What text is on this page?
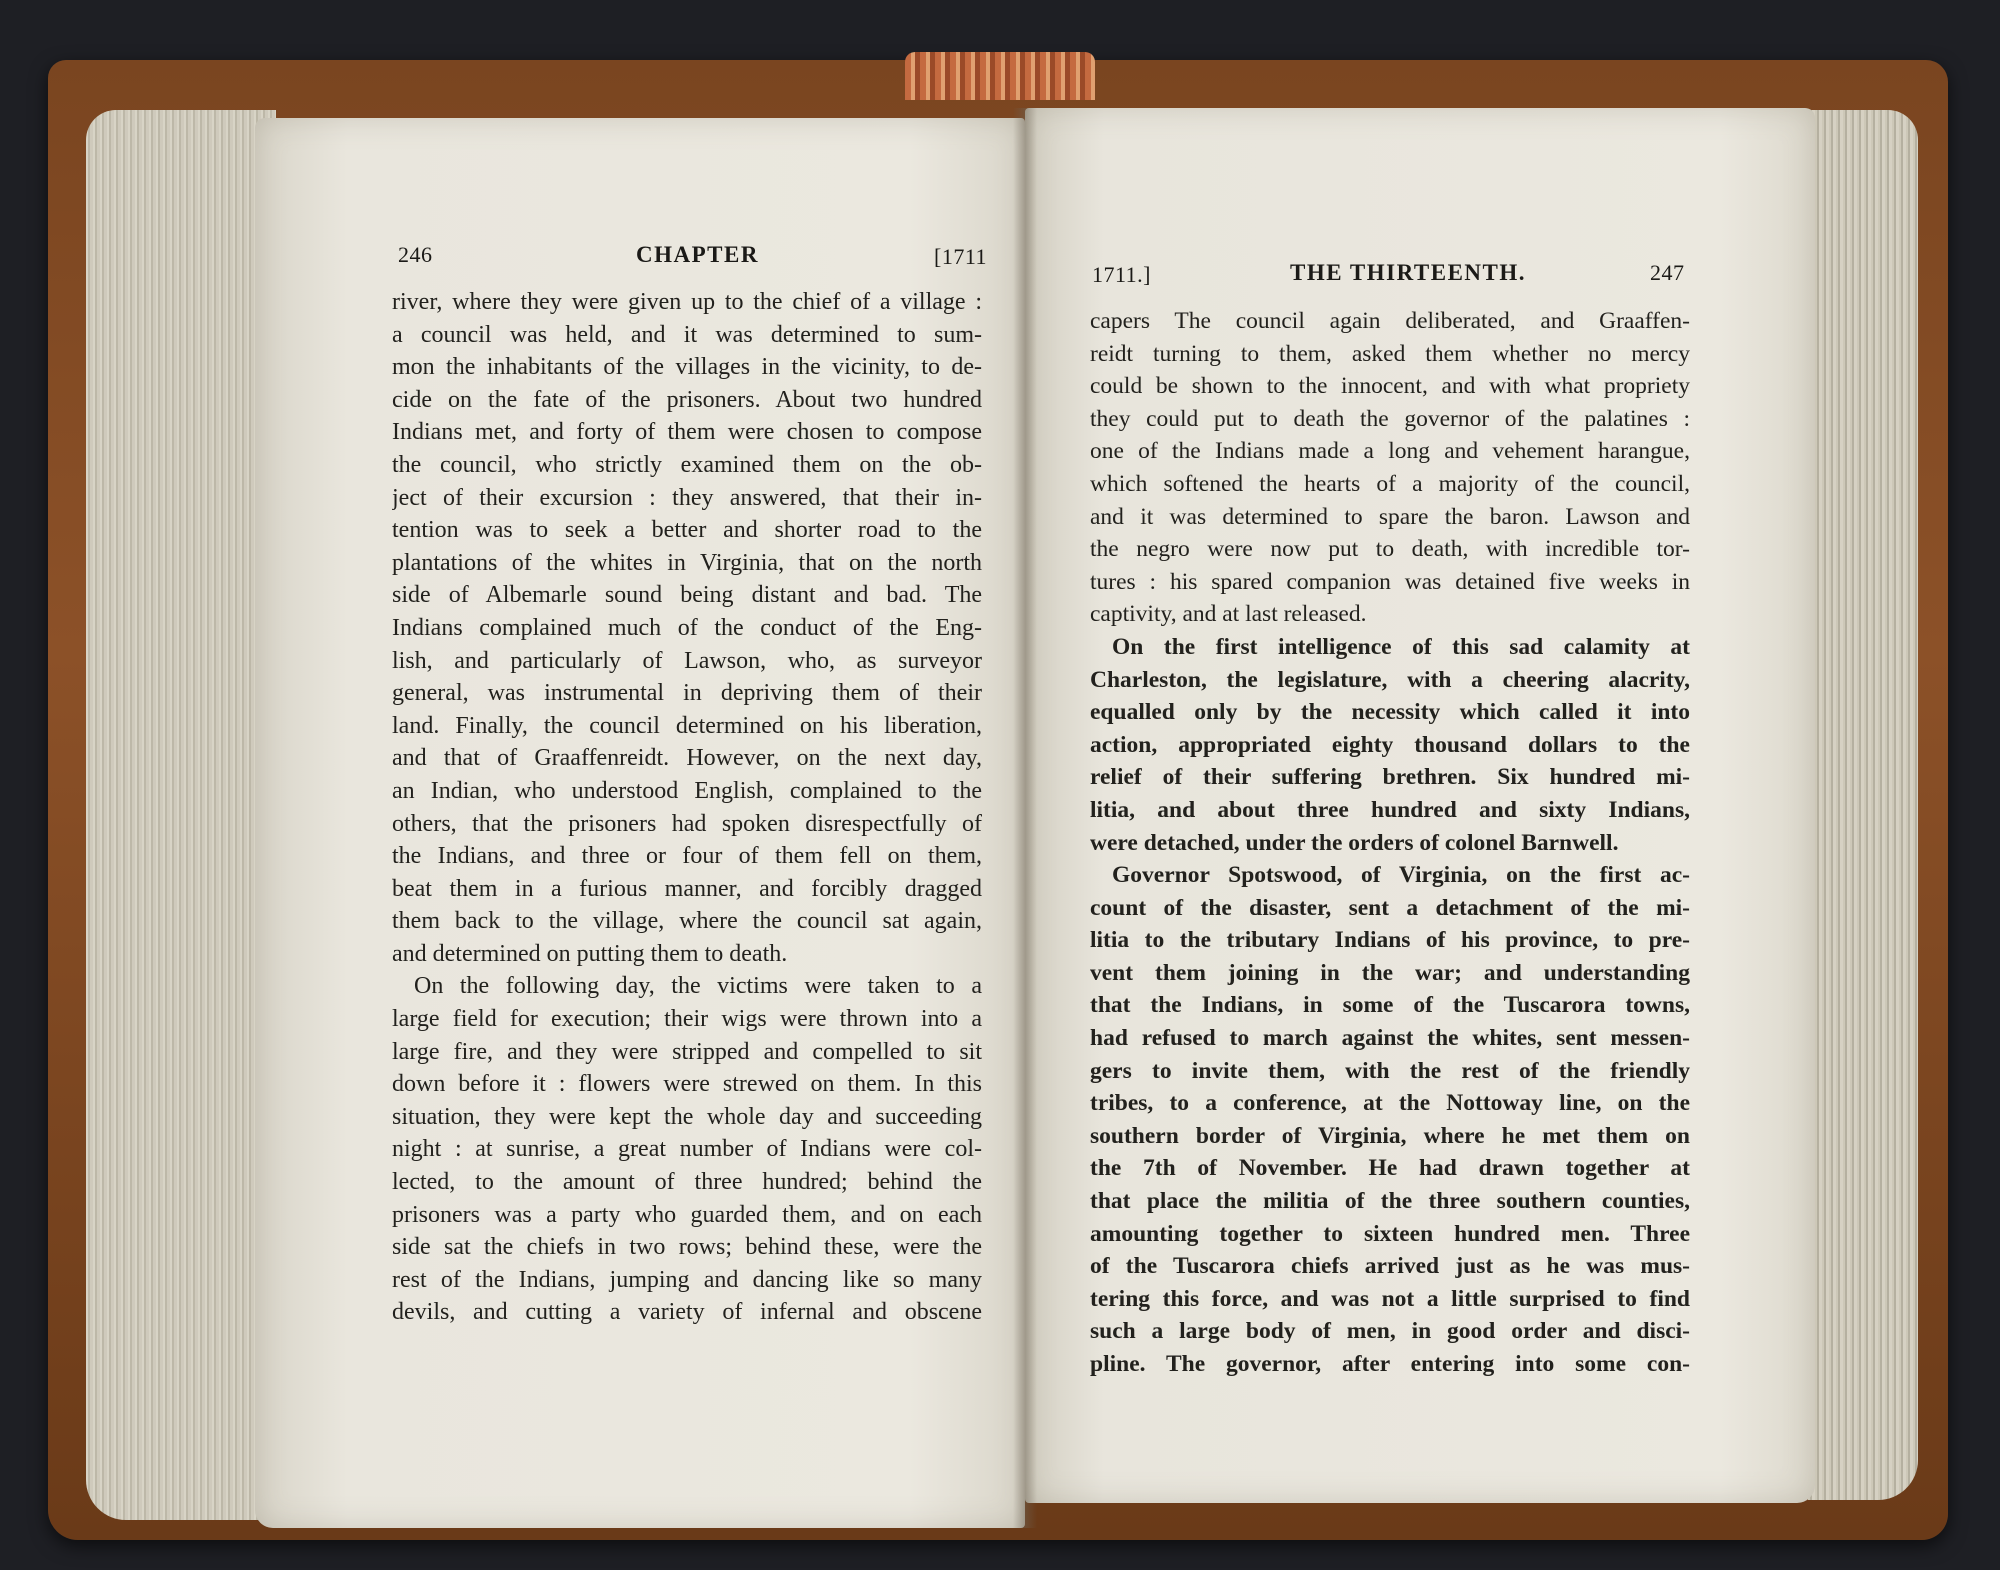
246	CHAPTER	[1711
1711.]	THE THIRTEENTH.	247
river, where they were given up to the chief of a village :
a council was held, and it was determined to sum-
mon the inhabitants of the villages in the vicinity, to de-
cide on the fate of the prisoners. About two hundred
Indians met, and forty of them were chosen to compose
the council, who strictly examined them on the ob-
ject of their excursion : they answered, that their in-
tention was to seek a better and shorter road to the
plantations of the whites in Virginia, that on the north
side of Albemarle sound being distant and bad. The
Indians complained much of the conduct of the Eng-
lish, and particularly of Lawson, who, as surveyor
general, was instrumental in depriving them of their
land. Finally, the council determined on his liberation,
and that of Graaffenreidt. However, on the next day,
an Indian, who understood English, complained to the
others, that the prisoners had spoken disrespectfully of
the Indians, and three or four of them fell on them,
beat them in a furious manner, and forcibly dragged
them back to the village, where the council sat again,
and determined on putting them to death.
On the following day, the victims were taken to a
large field for execution; their wigs were thrown into a
large fire, and they were stripped and compelled to sit
down before it : flowers were strewed on them. In this
situation, they were kept the whole day and succeeding
night : at sunrise, a great number of Indians were col-
lected, to the amount of three hundred; behind the
prisoners was a party who guarded them, and on each
side sat the chiefs in two rows; behind these, were the
rest of the Indians, jumping and dancing like so many
devils, and cutting a variety of infernal and obscene
capers The council again deliberated, and Graaffen-
reidt turning to them, asked them whether no mercy
could be shown to the innocent, and with what propriety
they could put to death the governor of the palatines :
one of the Indians made a long and vehement harangue,
which softened the hearts of a majority of the council,
and it was determined to spare the baron. Lawson and
the negro were now put to death, with incredible tor-
tures : his spared companion was detained five weeks in
captivity, and at last released.
On the first intelligence of this sad calamity at
Charleston, the legislature, with a cheering alacrity,
equalled only by the necessity which called it into
action, appropriated eighty thousand dollars to the
relief of their suffering brethren. Six hundred mi-
litia, and about three hundred and sixty Indians,
were detached, under the orders of colonel Barnwell.
Governor Spotswood, of Virginia, on the first ac-
count of the disaster, sent a detachment of the mi-
litia to the tributary Indians of his province, to pre-
vent them joining in the war; and understanding
that the Indians, in some of the Tuscarora towns,
had refused to march against the whites, sent messen-
gers to invite them, with the rest of the friendly
tribes, to a conference, at the Nottoway line, on the
southern border of Virginia, where he met them on
the 7th of November. He had drawn together at
that place the militia of the three southern counties,
amounting together to sixteen hundred men. Three
of the Tuscarora chiefs arrived just as he was mus-
tering this force, and was not a little surprised to find
such a large body of men, in good order and disci-
pline. The governor, after entering into some con-
